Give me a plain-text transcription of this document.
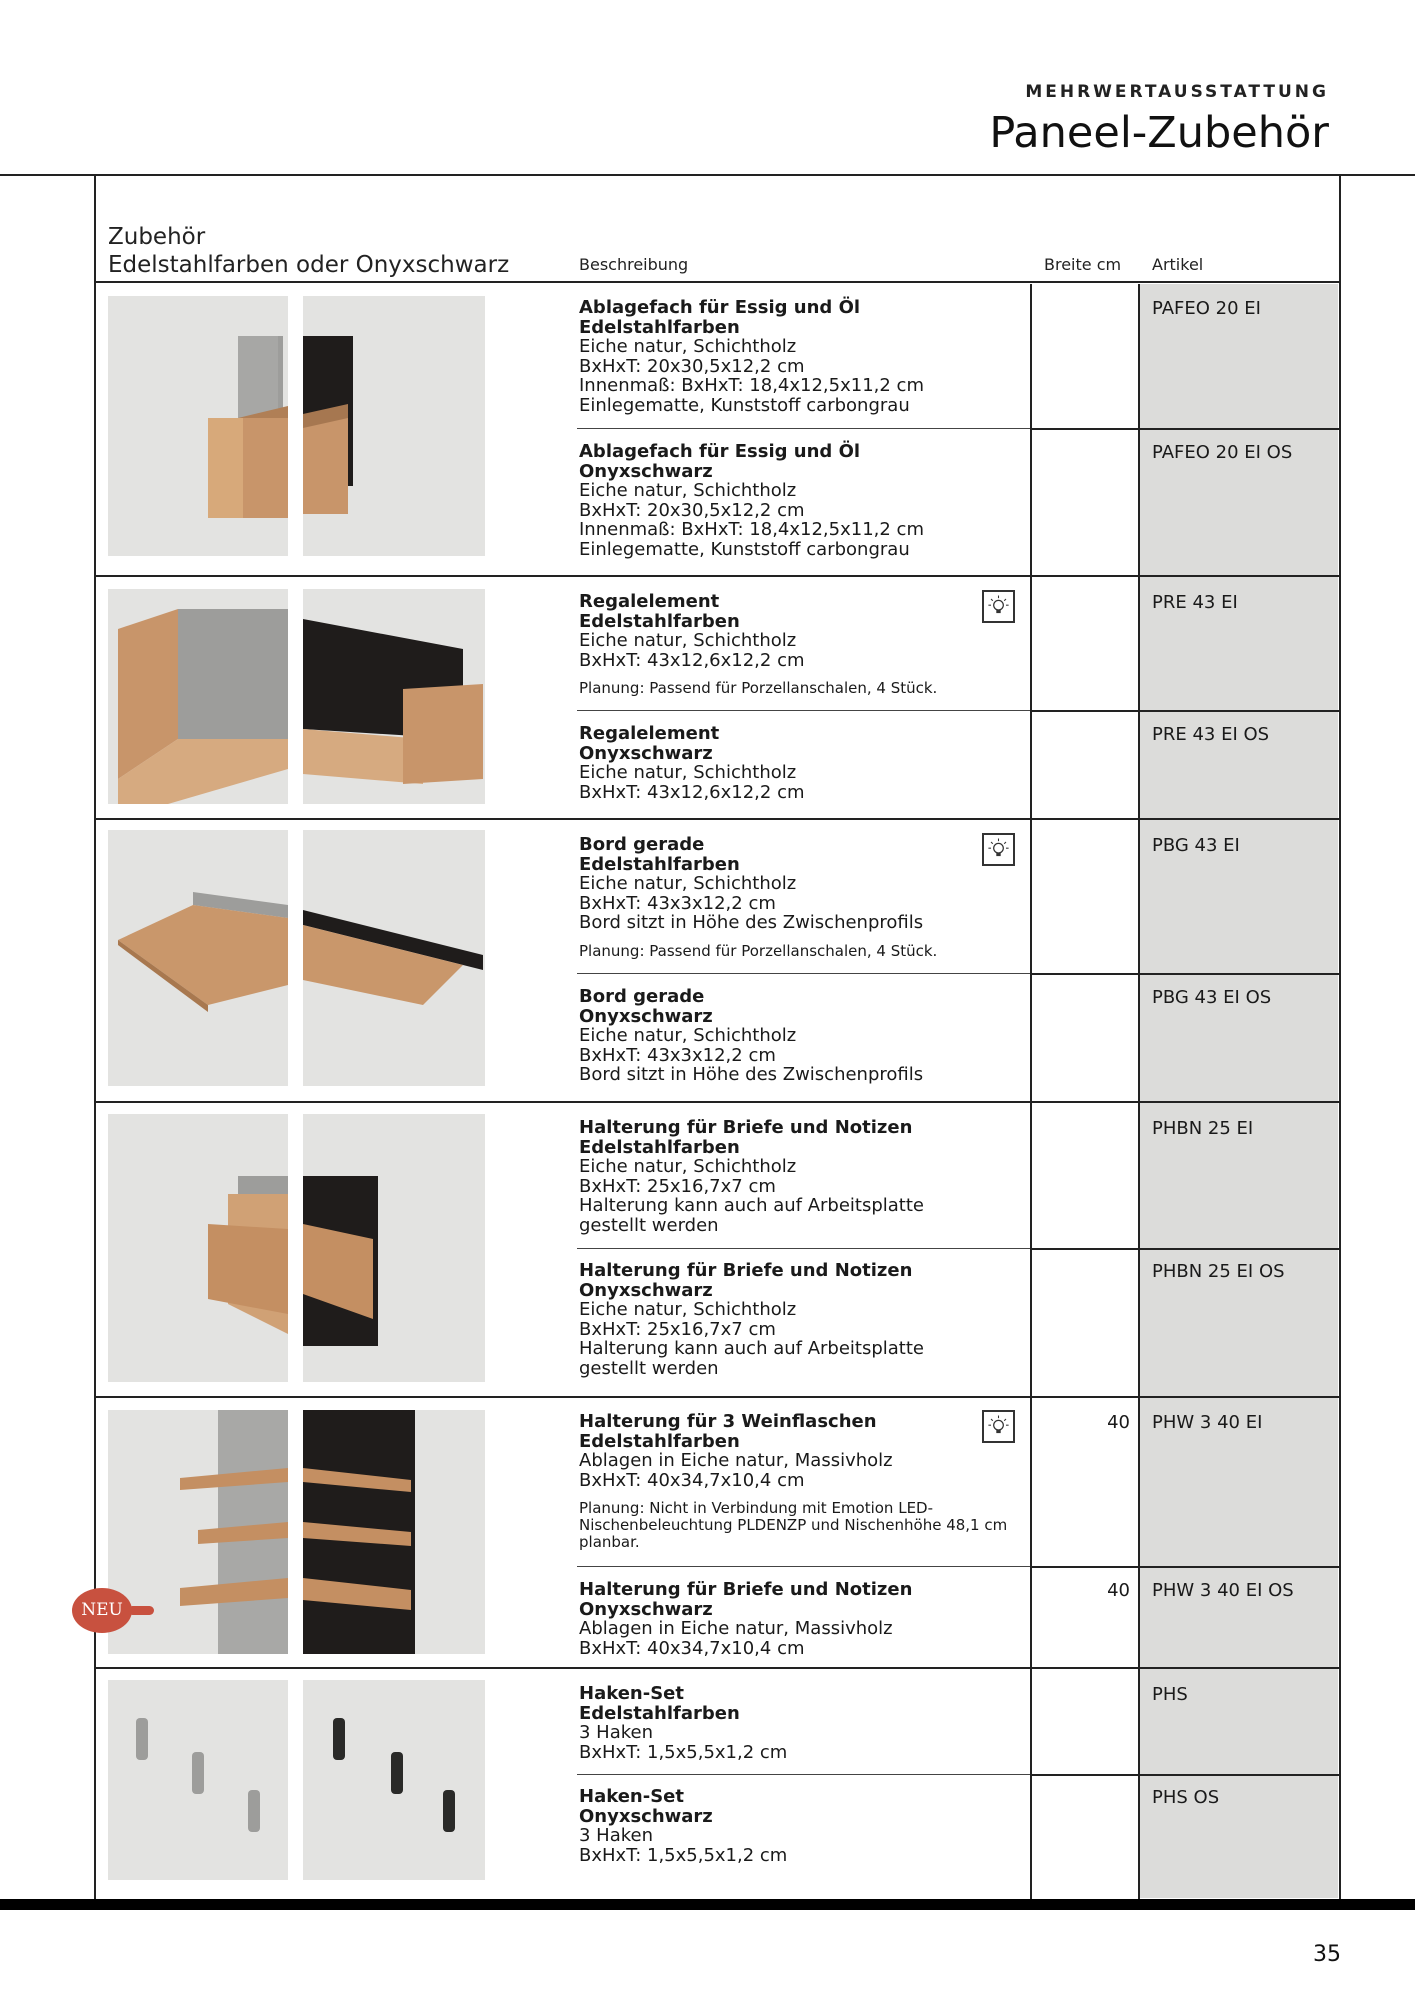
MEHRWERTAUSSTATTUNG
Paneel-Zubehör
Zubehör
Edelstahlfarben oder Onyxschwarz	Beschreibung	Breite cm Artikel
NEU
Ablagefach für Essig und Öl
Edelstahlfarben
Eiche natur, Schichtholz
BxHxT: 20x30,5x12,2 cm
Innenmaß: BxHxT: 18,4x12,5x11,2 cm
Einlegematte, Kunststoff carbongrau
PAFEO 20 EI
Ablagefach für Essig und Öl
Onyxschwarz
Eiche natur, Schichtholz
BxHxT: 20x30,5x12,2 cm
Innenmaß: BxHxT: 18,4x12,5x11,2 cm
Einlegematte, Kunststoff carbongrau
PAFEO 20 EI OS
Regalelement
Edelstahlfarben
Eiche natur, Schichtholz
BxHxT: 43x12,6x12,2 cm
Planung: Passend für Porzellanschalen, 4 Stück.
PRE 43 EI
Regalelement
Onyxschwarz
Eiche natur, Schichtholz
BxHxT: 43x12,6x12,2 cm
PRE 43 EI OS
Bord gerade
Edelstahlfarben
Eiche natur, Schichtholz
BxHxT: 43x3x12,2 cm
Bord sitzt in Höhe des Zwischenprofils
Planung: Passend für Porzellanschalen, 4 Stück.
PBG 43 EI
Bord gerade
Onyxschwarz
Eiche natur, Schichtholz
BxHxT: 43x3x12,2 cm
Bord sitzt in Höhe des Zwischenprofils
PBG 43 EI OS
Halterung für Briefe und Notizen
Edelstahlfarben
Eiche natur, Schichtholz
BxHxT: 25x16,7x7 cm
Halterung kann auch auf Arbeitsplatte
gestellt werden
PHBN 25 EI
Halterung für Briefe und Notizen
Onyxschwarz
Eiche natur, Schichtholz
BxHxT: 25x16,7x7 cm
Halterung kann auch auf Arbeitsplatte
gestellt werden
PHBN 25 EI OS
Halterung für 3 Weinflaschen
Edelstahlfarben
Ablagen in Eiche natur, Massivholz
BxHxT: 40x34,7x10,4 cm
Planung: Nicht in Verbindung mit Emotion LED-Nischenbeleuchtung PLDENZP und Nischenhöhe 48,1 cm planbar.
40 PHW 3 40 EI
Halterung für Briefe und Notizen
Onyxschwarz
Ablagen in Eiche natur, Massivholz
BxHxT: 40x34,7x10,4 cm
40 PHW 3 40 EI OS
Haken-Set
Edelstahlfarben
3 Haken
BxHxT: 1,5x5,5x1,2 cm
PHS
Haken-Set
Onyxschwarz
3 Haken
BxHxT: 1,5x5,5x1,2 cm
PHS OS
35
